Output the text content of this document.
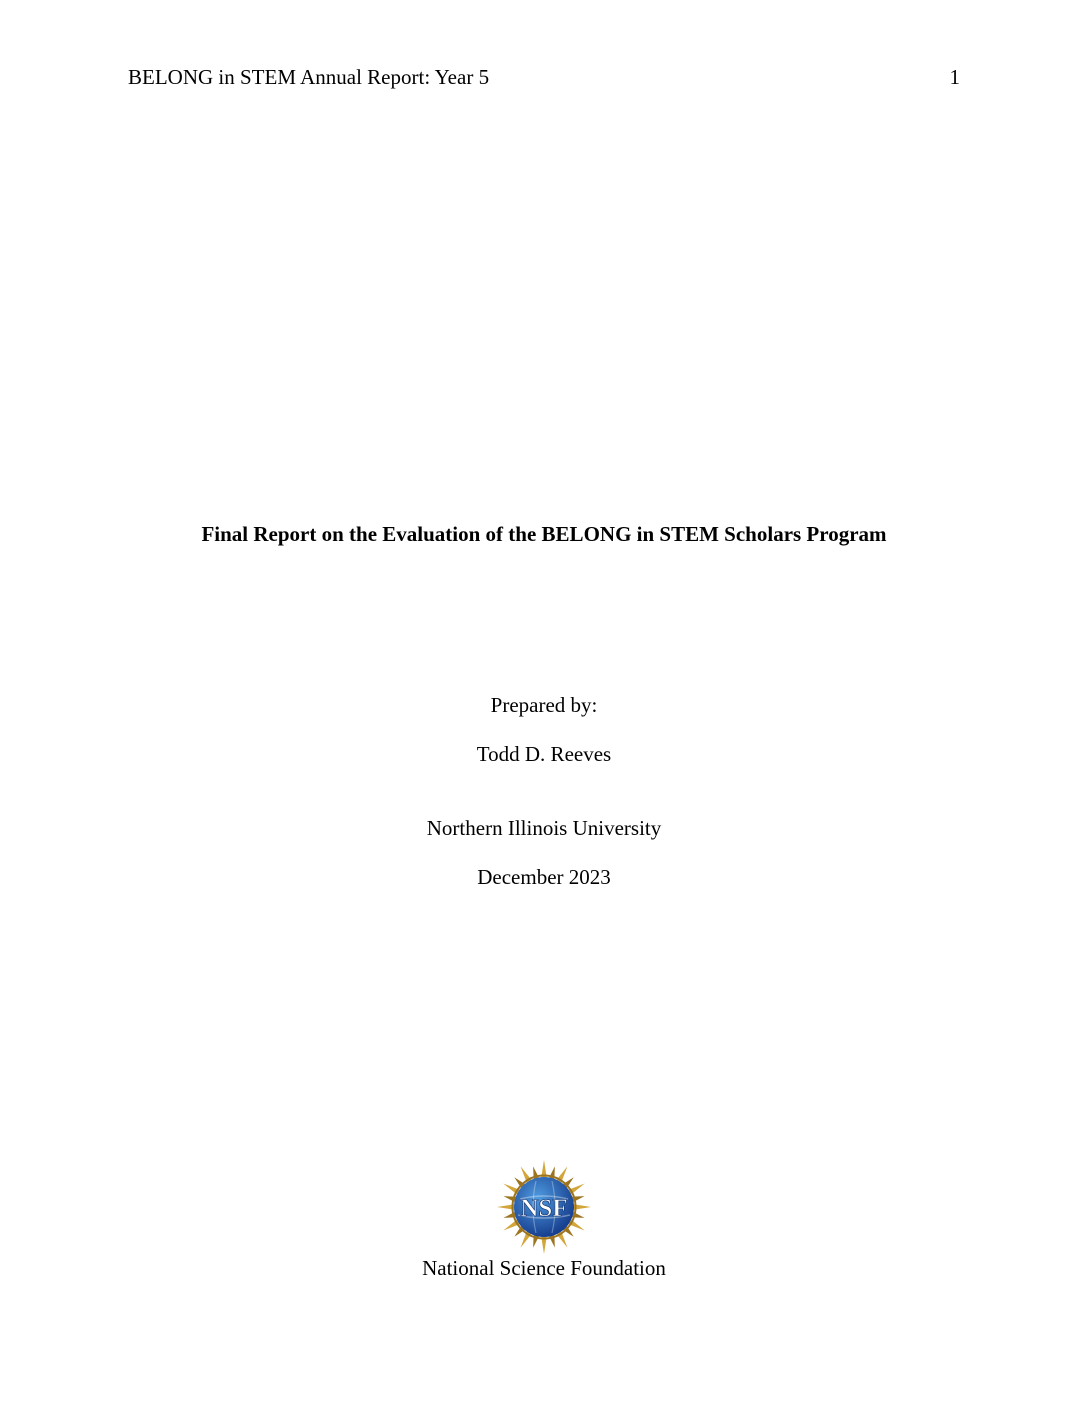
BELONG in STEM Annual Report: Year 5	1
Final Report on the Evaluation of the BELONG in STEM Scholars Program
Prepared by:
Todd D. Reeves
Northern Illinois University
December 2023
NSF
National Science Foundation
